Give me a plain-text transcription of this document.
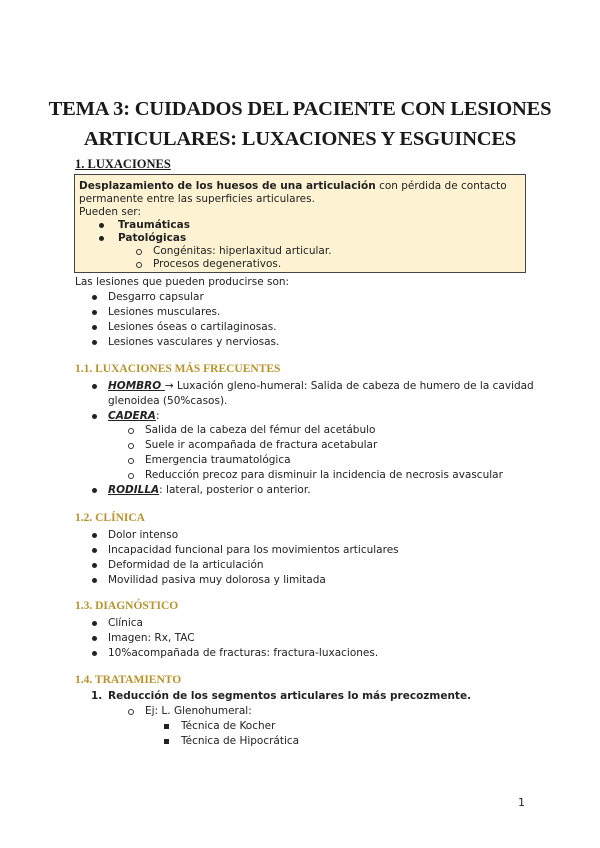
TEMA 3: CUIDADOS DEL PACIENTE CON LESIONES
ARTICULARES: LUXACIONES Y ESGUINCES
1. LUXACIONES

Desplazamiento de los huesos de una articulación con pérdida de contacto

permanente entre las superficies articulares.

Pueden ser:

Traumáticas
Patológicas
Congénitas: hiperlaxitud articular.
Procesos degenerativos.
Las lesiones que pueden producirse son:
Desgarro capsular
Lesiones musculares.
Lesiones óseas o cartilaginosas.
Lesiones vasculares y nerviosas.
1.1. LUXACIONES MÁS FRECUENTES
HOMBRO → Luxación gleno-humeral: Salida de cabeza de humero de la cavidad
glenoidea (50%casos).
CADERA:
Salida de la cabeza del fémur del acetábulo
Suele ir acompañada de fractura acetabular
Emergencia traumatológica
Reducción precoz para disminuir la incidencia de necrosis avascular
RODILLA: lateral, posterior o anterior.
1.2. CLÍNICA
Dolor intenso
Incapacidad funcional para los movimientos articulares
Deformidad de la articulación
Movilidad pasiva muy dolorosa y limitada
1.3. DIAGNÓSTICO
Clínica
Imagen: Rx, TAC
10%acompañada de fracturas: fractura-luxaciones.
1.4. TRATAMIENTO
1. Reducción de los segmentos articulares lo más precozmente.
Ej: L. Glenohumeral:
Técnica de Kocher
Técnica de Hipocrática
1
